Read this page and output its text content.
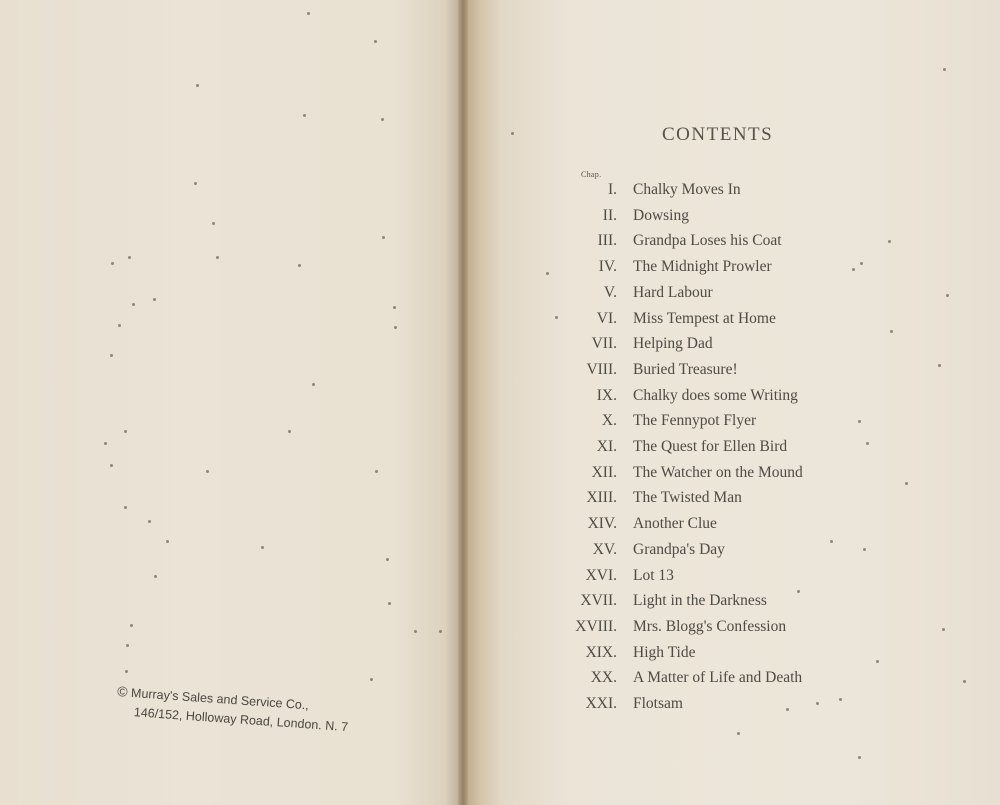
© Murray's Sales and Service Co.,
146/152, Holloway Road, London. N. 7
CONTENTS
Chap.
I. Chalky Moves In
II. Dowsing
III. Grandpa Loses his Coat
IV. The Midnight Prowler
V. Hard Labour
VI. Miss Tempest at Home
VII. Helping Dad
VIII. Buried Treasure!
IX. Chalky does some Writing
X. The Fennypot Flyer
XI. The Quest for Ellen Bird
XII. The Watcher on the Mound
XIII. The Twisted Man
XIV. Another Clue
XV. Grandpa's Day
XVI. Lot 13
XVII. Light in the Darkness
XVIII. Mrs. Blogg's Confession
XIX. High Tide
XX. A Matter of Life and Death
XXI. Flotsam
